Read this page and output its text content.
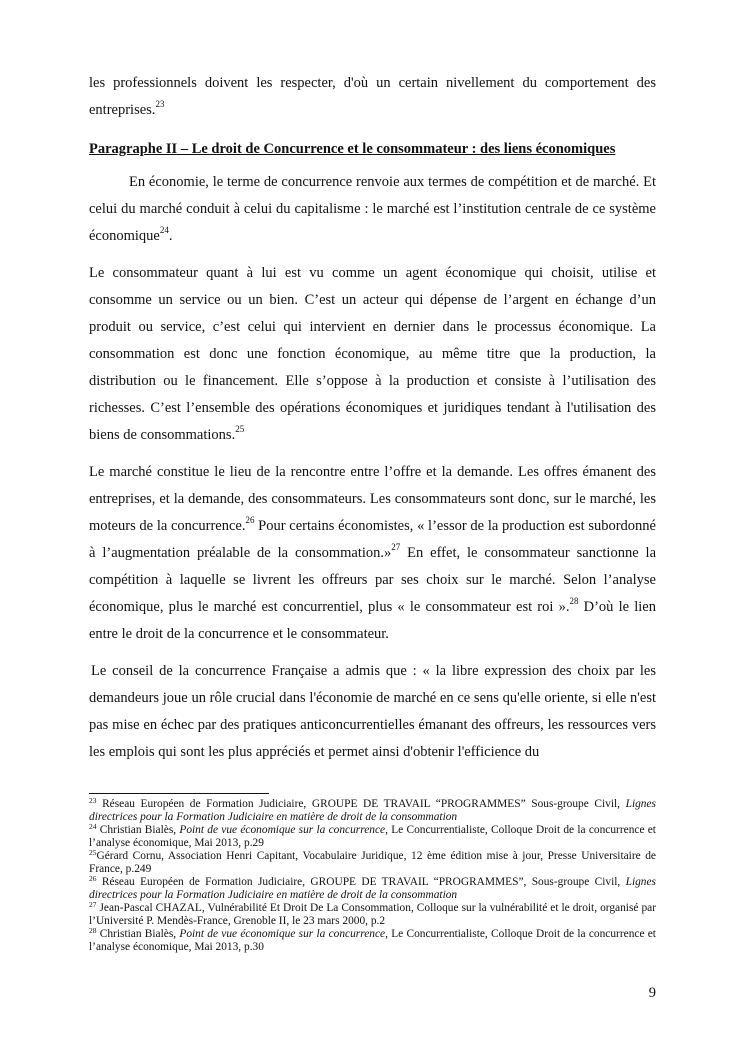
les professionnels doivent les respecter, d'où un certain nivellement du comportement des entreprises.$^{23}$

Paragraphe II – Le droit de Concurrence et le consommateur : des liens économiques

En économie, le terme de concurrence renvoie aux termes de compétition et de marché. Et celui du marché conduit à celui du capitalisme : le marché est l’institution centrale de ce système économique$^{24}$.

Le consommateur quant à lui est vu comme un agent économique qui choisit, utilise et consomme un service ou un bien. C’est un acteur qui dépense de l’argent en échange d’un produit ou service, c’est celui qui intervient en dernier dans le processus économique. La consommation est donc une fonction économique, au même titre que la production, la distribution ou le financement. Elle s’oppose à la production et consiste à l’utilisation des richesses. C’est l’ensemble des opérations économiques et juridiques tendant à l'utilisation des biens de consommations.$^{25}$

Le marché constitue le lieu de la rencontre entre l’offre et la demande. Les offres émanent des entreprises, et la demande, des consommateurs. Les consommateurs sont donc, sur le marché, les moteurs de la concurrence.$^{26}$ Pour certains économistes, « l’essor de la production est subordonné à l’augmentation préalable de la consommation.»$^{27}$ En effet, le consommateur sanctionne la compétition à laquelle se livrent les offreurs par ses choix sur le marché. Selon l’analyse économique, plus le marché est concurrentiel, plus « le consommateur est roi ».$^{28}$ D’où le lien entre le droit de la concurrence et le consommateur.

Le conseil de la concurrence Française a admis que : « la libre expression des choix par les demandeurs joue un rôle crucial dans l'économie de marché en ce sens qu'elle oriente, si elle n'est pas mise en échec par des pratiques anticoncurrentielles émanant des offreurs, les ressources vers les emplois qui sont les plus appréciés et permet ainsi d'obtenir l'efficience du

$^{23}$ Réseau Européen de Formation Judiciaire, GROUPE DE TRAVAIL “PROGRAMMES” Sous-groupe Civil, Lignes directrices pour la Formation Judiciaire en matière de droit de la consommation

$^{24}$ Christian Bialès, Point de vue économique sur la concurrence, Le Concurrentialiste, Colloque Droit de la concurrence et l’analyse économique, Mai 2013, p.29

$^{25}$Gérard Cornu, Association Henri Capitant, Vocabulaire Juridique, 12 ème édition mise à jour, Presse Universitaire de France, p.249

$^{26}$ Réseau Européen de Formation Judiciaire, GROUPE DE TRAVAIL “PROGRAMMES”, Sous-groupe Civil, Lignes directrices pour la Formation Judiciaire en matière de droit de la consommation

$^{27}$ Jean-Pascal CHAZAL, Vulnérabilité Et Droit De La Consommation, Colloque sur la vulnérabilité et le droit, organisé par l’Université P. Mendès-France, Grenoble II, le 23 mars 2000, p.2

$^{28}$ Christian Bialès, Point de vue économique sur la concurrence, Le Concurrentialiste, Colloque Droit de la concurrence et l’analyse économique, Mai 2013, p.30

9
